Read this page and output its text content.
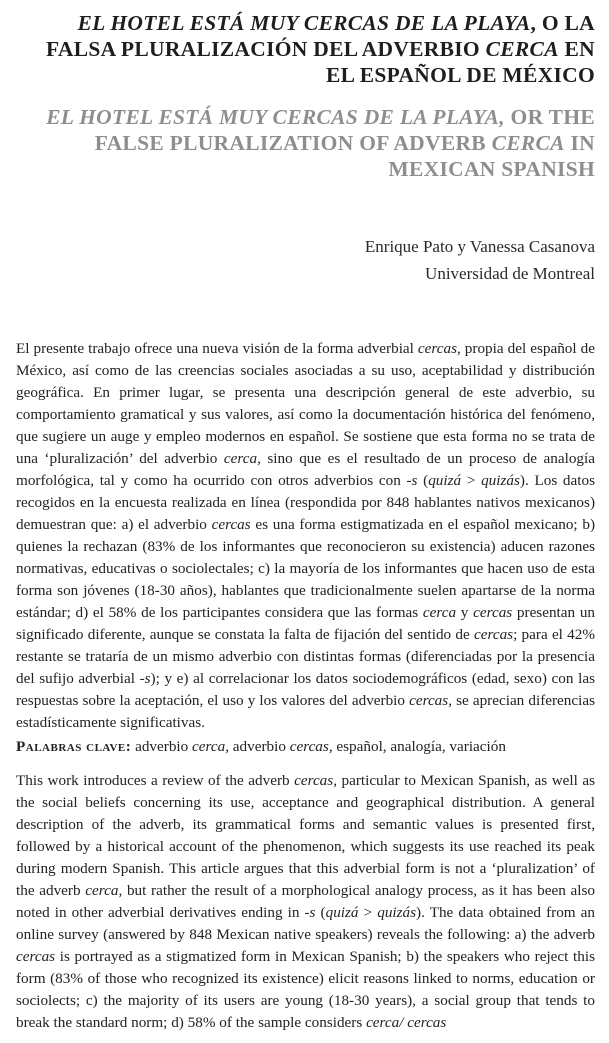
EL HOTEL ESTÁ MUY CERCAS DE LA PLAYA, O LA FALSA PLURALIZACIÓN DEL ADVERBIO CERCA EN EL ESPAÑOL DE MÉXICO
EL HOTEL ESTÁ MUY CERCAS DE LA PLAYA, OR THE FALSE PLURALIZATION OF ADVERB CERCA IN MEXICAN SPANISH
Enrique Pato y Vanessa Casanova
Universidad de Montreal

El presente trabajo ofrece una nueva visión de la forma adverbial cercas, propia del español de México, así como de las creencias sociales asociadas a su uso, aceptabilidad y distribución geográfica. En primer lugar, se presenta una descripción general de este adverbio, su comportamiento gramatical y sus valores, así como la documentación histórica del fenómeno, que sugiere un auge y empleo modernos en español. Se sostiene que esta forma no se trata de una ‘pluralización’ del adverbio cerca, sino que es el resultado de un proceso de analogía morfológica, tal y como ha ocurrido con otros adverbios con -s (quizá > quizás). Los datos recogidos en la encuesta realizada en línea (respondida por 848 hablantes nativos mexicanos) demuestran que: a) el adverbio cercas es una forma estigmatizada en el español mexicano; b) quienes la rechazan (83% de los informantes que reconocieron su existencia) aducen razones normativas, educativas o sociolectales; c) la mayoría de los informantes que hacen uso de esta forma son jóvenes (18-30 años), hablantes que tradicionalmente suelen apartarse de la norma estándar; d) el 58% de los participantes considera que las formas cerca y cercas presentan un significado diferente, aunque se constata la falta de fijación del sentido de cercas; para el 42% restante se trataría de un mismo adverbio con distintas formas (diferenciadas por la presencia del sufijo adverbial -s); y e) al correlacionar los datos sociodemográficos (edad, sexo) con las respuestas sobre la aceptación, el uso y los valores del adverbio cercas, se aprecian diferencias estadísticamente significativas.

Palabras clave: adverbio cerca, adverbio cercas, español, analogía, variación

This work introduces a review of the adverb cercas, particular to Mexican Spanish, as well as the social beliefs concerning its use, acceptance and geographical distribution. A general description of the adverb, its grammatical forms and semantic values is presented first, followed by a historical account of the phenomenon, which suggests its use reached its peak during modern Spanish. This article argues that this adverbial form is not a ‘pluralization’ of the adverb cerca, but rather the result of a morphological analogy process, as it has been also noted in other adverbial derivatives ending in -s (quizá > quizás). The data obtained from an online survey (answered by 848 Mexican native speakers) reveals the following: a) the adverb cercas is portrayed as a stigmatized form in Mexican Spanish; b) the speakers who reject this form (83% of those who recognized its existence) elicit reasons linked to norms, education or sociolects; c) the majority of its users are young (18-30 years), a social group that tends to break the standard norm; d) 58% of the sample considers cerca/ cercas
